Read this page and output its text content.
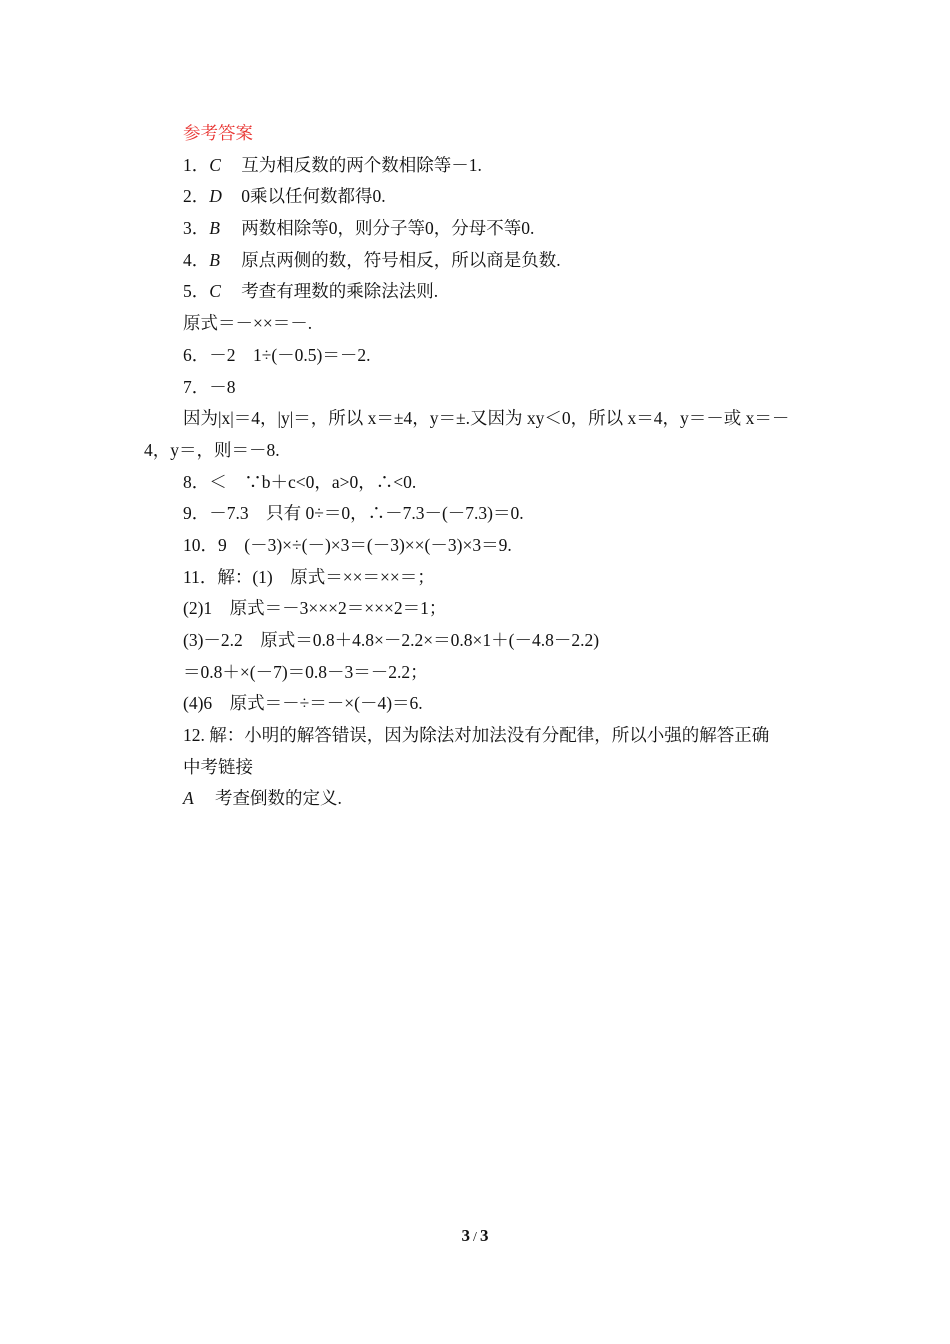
参考答案
1．C 互为相反数的两个数相除等－1.
2．D 0乘以任何数都得0.
3．B 两数相除等0，则分子等0，分母不等0.
4．B 原点两侧的数，符号相反，所以商是负数.
5．C 考查有理数的乘除法法则.
原式＝－××＝－.
6．－2　1÷(－0.5)＝－2.
7．－8
因为|x|＝4，|y|＝，所以 x＝±4，y＝±.又因为 xy＜0，所以 x＝4，y＝－或 x＝－
4，y＝，则＝－8.
8．＜　∵b＋c<0，a>0，∴<0.
9．－7.3　只有 0÷＝0，∴－7.3－(－7.3)＝0.
10．9　(－3)×÷(－)×3＝(－3)××(－3)×3＝9.
11．解：(1)　原式＝××＝××＝；
(2)1　原式＝－3×××2＝×××2＝1；
(3)－2.2　原式＝0.8＋4.8×－2.2×＝0.8×1＋(－4.8－2.2)
＝0.8＋×(－7)＝0.8－3＝－2.2；
(4)6　原式＝－÷＝－×(－4)＝6.
12. 解：小明的解答错误，因为除法对加法没有分配律，所以小强的解答正确
中考链接
A 考查倒数的定义.
3 / 3
